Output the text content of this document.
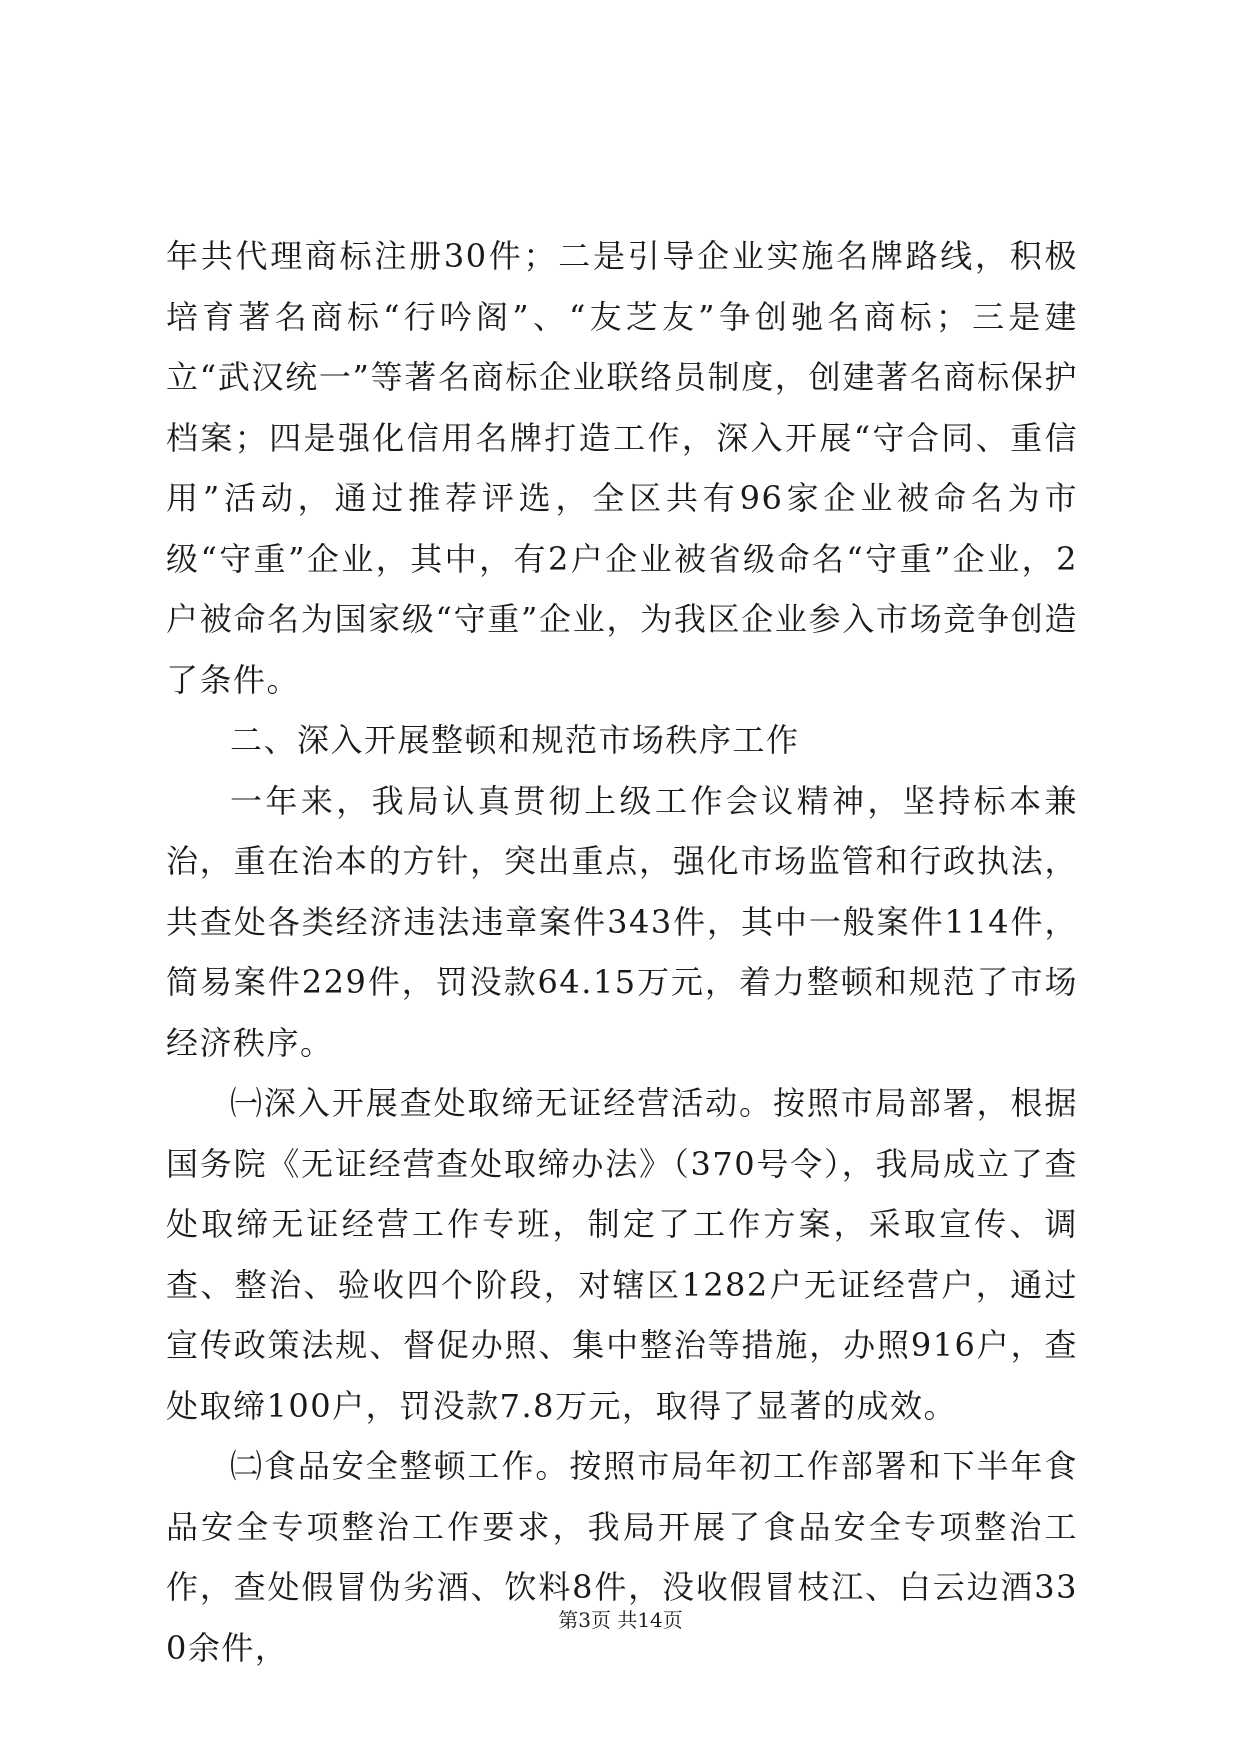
年共代理商标注册30件；二是引导企业实施名牌路线，积极培育著名商标“行吟阁”、“友芝友”争创驰名商标；三是建立“武汉统一”等著名商标企业联络员制度，创建著名商标保护档案；四是强化信用名牌打造工作，深入开展“守合同、重信用”活动，通过推荐评选，全区共有96家企业被命名为市级“守重”企业，其中，有2户企业被省级命名“守重”企业，2户被命名为国家级“守重”企业，为我区企业参入市场竞争创造了条件。

二、深入开展整顿和规范市场秩序工作

一年来，我局认真贯彻上级工作会议精神，坚持标本兼治，重在治本的方针，突出重点，强化市场监管和行政执法，共查处各类经济违法违章案件343件，其中一般案件114件，简易案件229件，罚没款64.15万元，着力整顿和规范了市场经济秩序。

㈠深入开展查处取缔无证经营活动。按照市局部署，根据国务院《无证经营查处取缔办法》（370号令），我局成立了查处取缔无证经营工作专班，制定了工作方案，采取宣传、调查、整治、验收四个阶段，对辖区1282户无证经营户，通过宣传政策法规、督促办照、集中整治等措施，办照916户，查处取缔100户，罚没款7.8万元，取得了显著的成效。

㈡食品安全整顿工作。按照市局年初工作部署和下半年食品安全专项整治工作要求，我局开展了食品安全专项整治工作，查处假冒伪劣酒、饮料8件，没收假冒枝江、白云边酒330余件，

第3页 共14页
